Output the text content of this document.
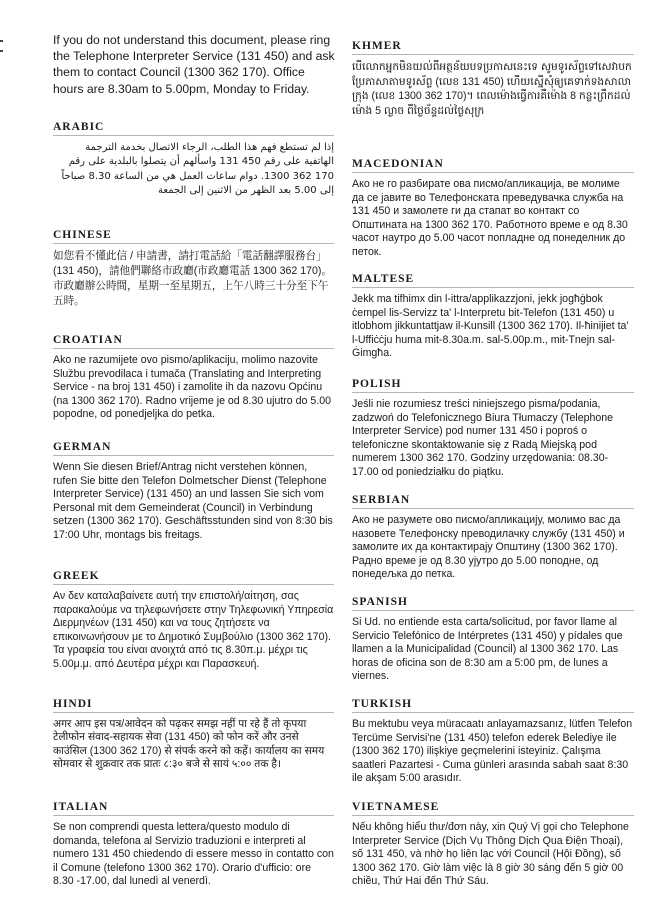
If you do not understand this document, please ring the Telephone Interpreter Service (131 450) and ask them to contact Council (1300 362 170). Office hours are 8.30am to 5.00pm, Monday to Friday.
ARABIC
إذا لم تستطع فهم هذا الطلب، الرجاء الاتصال بخدمة الترجمة الهاتفية على رقم 450 131 واسألهم أن يتصلوا بالبلدية على رقم 170 362 1300. دوام ساعات العمل هي من الساعة 8.30 صباحاً إلى 5.00 بعد الظهر من الاثنين إلى الجمعة
CHINESE
如您看不懂此信 / 申請書，請打電話給「電話翻譯服務台」(131 450)，請他們聯絡市政廳(市政廳電話 1300 362 170)。市政廳辦公時間，星期一至星期五，上午八時三十分至下午五時。
CROATIAN
Ako ne razumijete ovo pismo/aplikaciju, molimo nazovite Službu prevodilaca i tumača (Translating and Interpreting Service - na broj 131 450) i zamolite ih da nazovu Općinu (na 1300 362 170). Radno vrijeme je od 8.30 ujutro do 5.00 popodne, od ponedjeljka do petka.
GERMAN
Wenn Sie diesen Brief/Antrag nicht verstehen können, rufen Sie bitte den Telefon Dolmetscher Dienst (Telephone Interpreter Service) (131 450) an und lassen Sie sich vom Personal mit dem Gemeinderat (Council) in Verbindung setzen (1300 362 170). Geschäftsstunden sind von 8:30 bis 17:00 Uhr, montags bis freitags.
GREEK
Αν δεν καταλαβαίνετε αυτή την επιστολή/αίτηση, σας παρακαλούμε να τηλεφωνήσετε στην Τηλεφωνική Υπηρεσία Διερμηνέων (131 450) και να τους ζητήσετε να επικοινωνήσουν με το Δημοτικό Συμβούλιο (1300 362 170). Τα γραφεία του είναι ανοιχτά από τις 8.30π.μ. μέχρι τις 5.00μ.μ. από Δευτέρα μέχρι και Παρασκευή.
HINDI
अगर आप इस पत्र/आवेदन को पढ़कर समझ नहीं पा रहे हैं तो कृपया टेलीफोन संवाद-सहायक सेवा (131 450) को फोन करें और उनसे काउंसिल (1300 362 170) से संपर्क करने को कहें। कार्यालय का समय सोमवार से शुक्रवार तक प्रातः ८:३० बजे से सायं ५:०० तक है।
ITALIAN
Se non comprendi questa lettera/questo modulo di domanda, telefona al Servizio traduzioni e interpreti al numero 131 450 chiedendo di essere messo in contatto con il Comune (telefono 1300 362 170). Orario d'ufficio: ore 8.30 -17.00, dal lunedì al venerdì.
KHMER
បើលោកអ្នកមិនយល់ពីអត្ថន័យបទប្រកាសនេះទេ សូមទូរស័ព្ទទៅសេវាបកប្រែភាសាតាមទូរស័ព្ទ (លេខ 131 450) ហើយស្នើសុំឲ្យគេទាក់ទងសាលាក្រុង (លេខ 1300 362 170)។ ពេលម៉ោងធ្វើការគឺម៉ោង 8 កន្លះព្រឹកដល់ម៉ោង 5 ល្ងាច ពីថ្ងៃច័ន្ទដល់ថ្ងៃសុក្រ
MACEDONIAN
Ако не го разбирате ова писмо/апликација, ве молиме да се јавите во Телефонската преведувачка служба на 131 450 и замолете ги да стапат во контакт со Општината на 1300 362 170. Работното време е од 8.30 часот наутро до 5.00 часот попладне од понеделник до петок.
MALTESE
Jekk ma tifhimx din l-ittra/applikazzjoni, jekk jogħġbok ċempel lis-Servizz ta' l-Interpretu bit-Telefon (131 450) u itlobhom jikkuntattjaw il-Kunsill (1300 362 170). Il-ħinijiet ta' l-Uffiċċju huma mit-8.30a.m. sal-5.00p.m., mit-Tnejn sal-Ġimgħa.
POLISH
Jeśli nie rozumiesz treści niniejszego pisma/podania, zadzwoń do Telefonicznego Biura Tłumaczy (Telephone Interpreter Service) pod numer 131 450 i poproś o telefoniczne skontaktowanie się z Radą Miejską pod numerem 1300 362 170. Godziny urzędowania: 08.30-17.00 od poniedziałku do piątku.
SERBIAN
Ако не разумете ово писмо/апликацију, молимо вас да назовете Телефонску преводилачку службу (131 450) и замолите их да контактирају Општину (1300 362 170). Радно време је од 8.30 ујутро до 5.00 поподне, од понедељка до петка.
SPANISH
Si Ud. no entiende esta carta/solicitud, por favor llame al Servicio Telefónico de Intérpretes (131 450) y pídales que llamen a la Municipalidad (Council) al 1300 362 170. Las horas de oficina son de 8:30 am a 5:00 pm, de lunes a viernes.
TURKISH
Bu mektubu veya müracaatı anlayamazsanız, lütfen Telefon Tercüme Servisi'ne (131 450) telefon ederek Belediye ile (1300 362 170) ilişkiye geçmelerini isteyiniz. Çalışma saatleri Pazartesi - Cuma günleri arasında sabah saat 8:30 ile akşam 5:00 arasıdır.
VIETNAMESE
Nếu không hiểu thư/đơn này, xin Quý Vị gọi cho Telephone Interpreter Service (Dịch Vụ Thông Dịch Qua Điện Thoại), số 131 450, và nhờ họ liên lạc với Council (Hội Đồng), số 1300 362 170. Giờ làm việc là 8 giờ 30 sáng đến 5 giờ 00 chiều, Thứ Hai đến Thứ Sáu.
